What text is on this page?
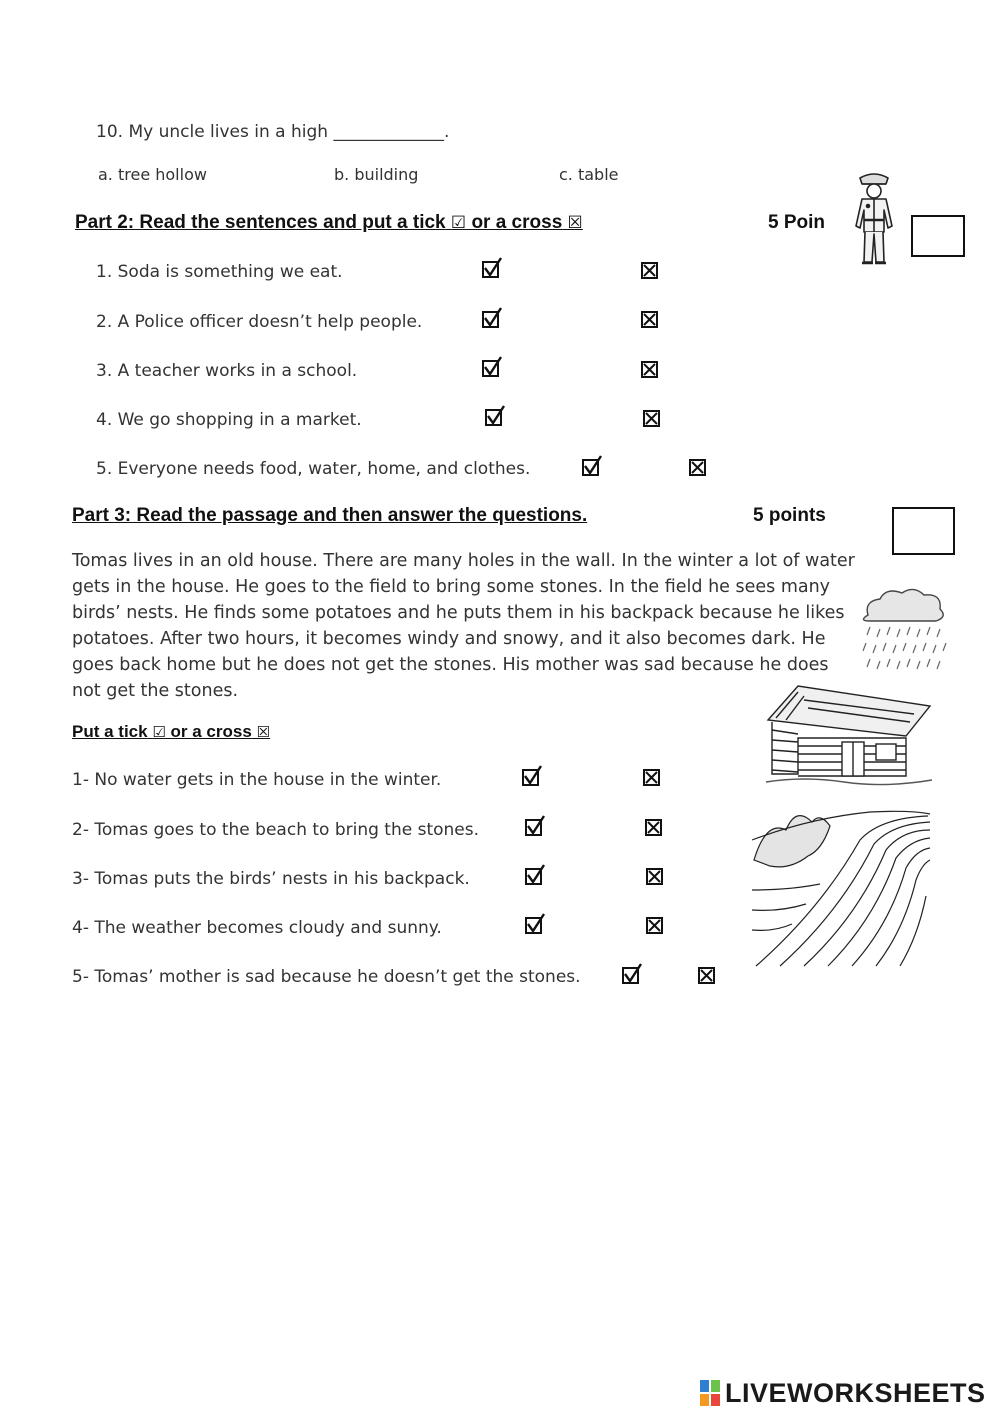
10. My uncle lives in a high _____________.
a. tree hollow	b. building	c. table
Part 2: Read the sentences and put a tick ☑ or a cross ☒	5 Poin
1. Soda is something we eat.
2. A Police officer doesn’t help people.
3. A teacher works in a school.
4. We go shopping in a market.
5. Everyone needs food, water, home, and clothes.
Part 3: Read the passage and then answer the questions.	5 points
Tomas lives in an old house. There are many holes in the wall. In the winter a lot of water gets in the house. He goes to the field to bring some stones. In the field he sees many birds’ nests. He finds some potatoes and he puts them in his backpack because he likes potatoes. After two hours, it becomes windy and snowy, and it also becomes dark. He goes back home but he does not get the stones. His mother was sad because he does not get the stones.
Put a tick ☑ or a cross ☒
1- No water gets in the house in the winter.
2- Tomas goes to the beach to bring the stones.
3- Tomas puts the birds’ nests in his backpack.
4- The weather becomes cloudy and sunny.
5- Tomas’ mother is sad because he doesn’t get the stones.
LIVEWORKSHEETS
